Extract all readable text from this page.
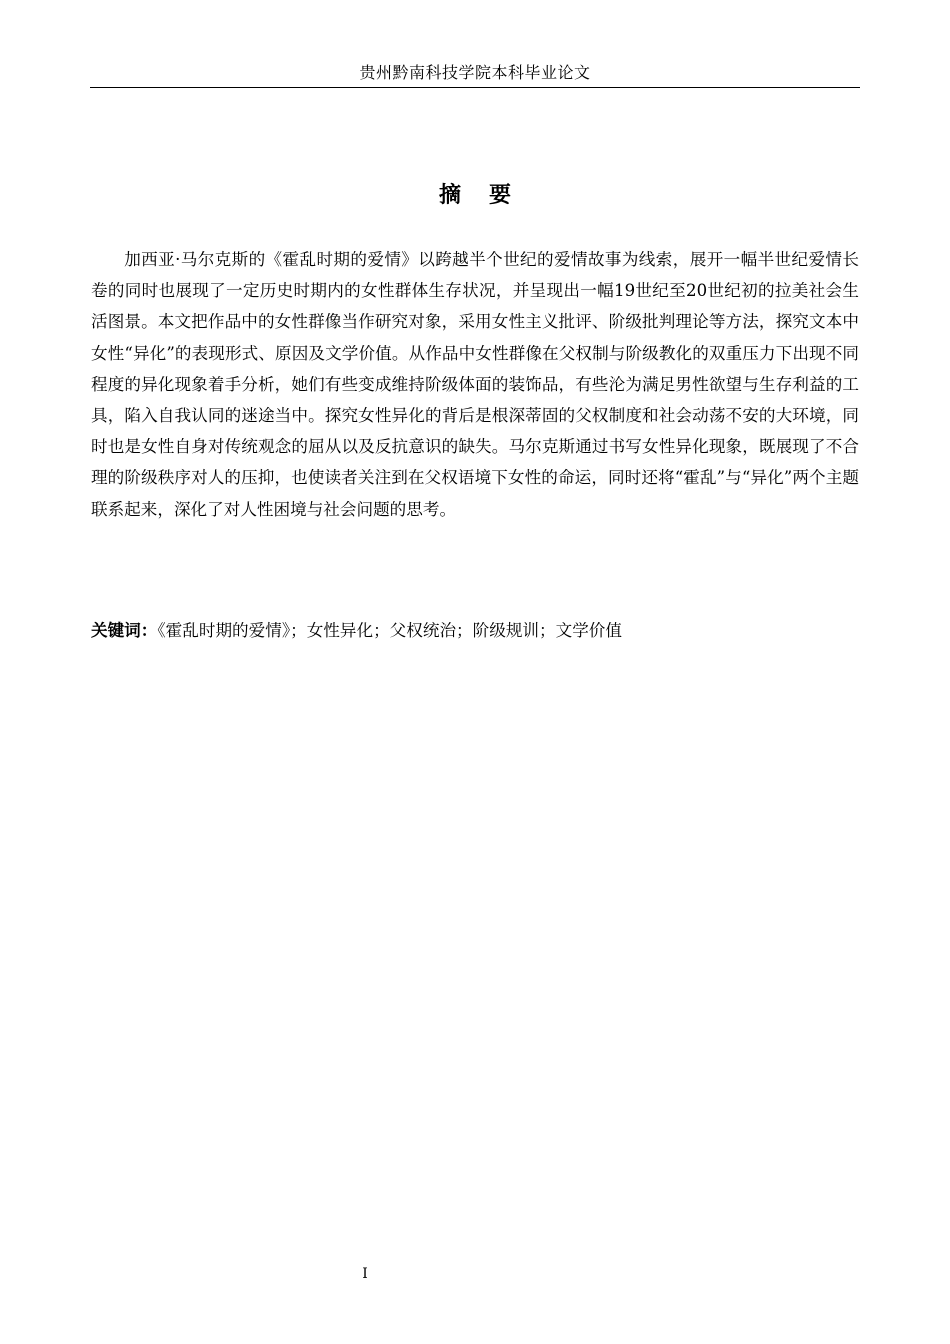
贵州黔南科技学院本科毕业论文
摘要

加西亚·马尔克斯的《霍乱时期的爱情》以跨越半个世纪的爱情故事为线索，展开一幅半世纪爱情长卷的同时也展现了一定历史时期内的女性群体生存状况，并呈现出一幅19世纪至20世纪初的拉美社会生活图景。本文把作品中的女性群像当作研究对象，采用女性主义批评、阶级批判理论等方法，探究文本中女性“异化”的表现形式、原因及文学价值。从作品中女性群像在父权制与阶级教化的双重压力下出现不同程度的异化现象着手分析，她们有些变成维持阶级体面的装饰品，有些沦为满足男性欲望与生存利益的工具，陷入自我认同的迷途当中。探究女性异化的背后是根深蒂固的父权制度和社会动荡不安的大环境，同时也是女性自身对传统观念的屈从以及反抗意识的缺失。马尔克斯通过书写女性异化现象，既展现了不合理的阶级秩序对人的压抑，也使读者关注到在父权语境下女性的命运，同时还将“霍乱”与“异化”两个主题联系起来，深化了对人性困境与社会问题的思考。

关键词：《霍乱时期的爱情》；女性异化；父权统治；阶级规训；文学价值
I
